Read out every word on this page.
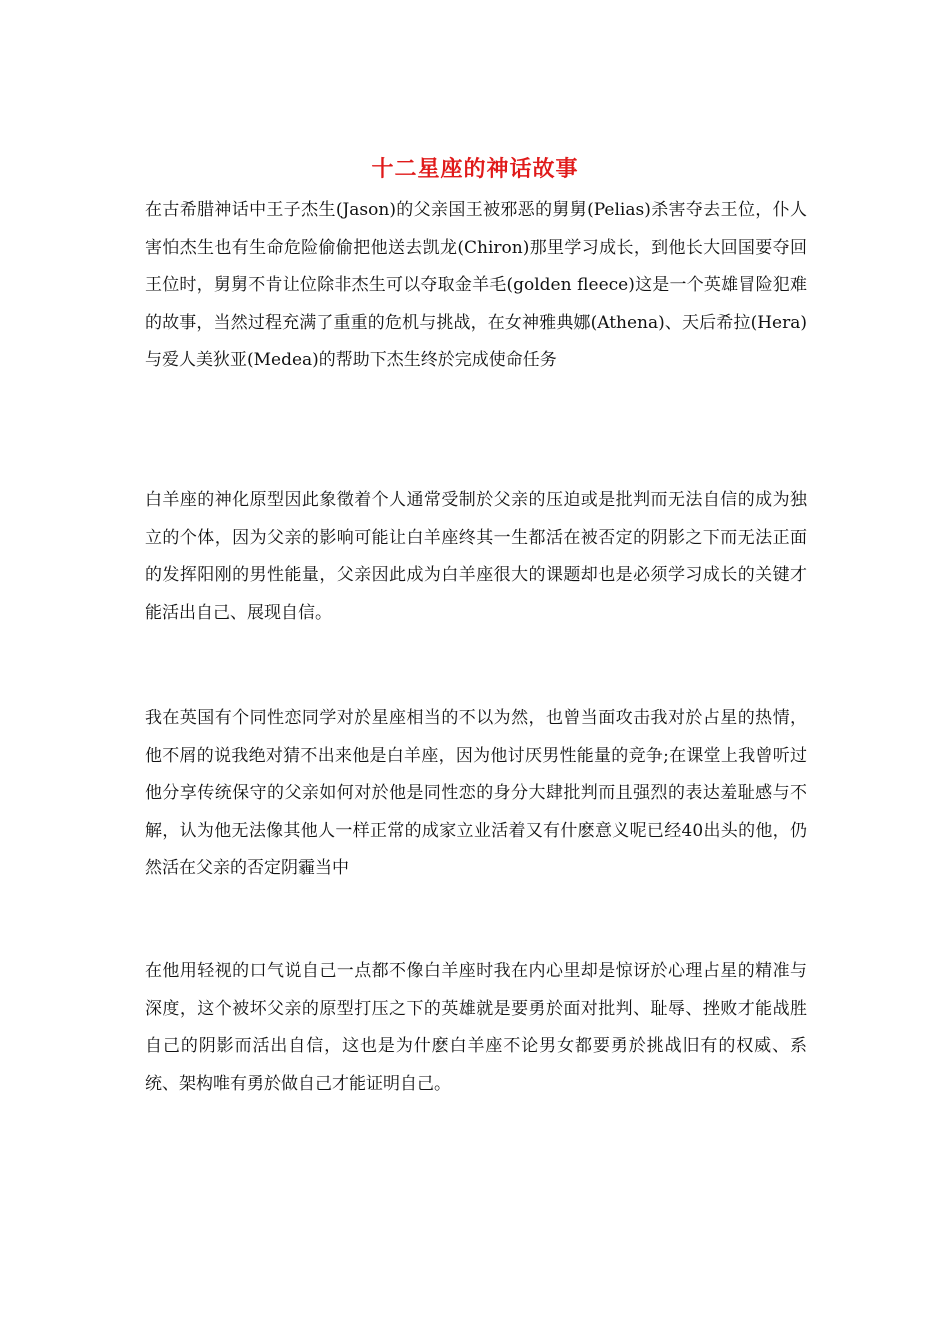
十二星座的神话故事
在古希腊神话中王子杰生(Jason)的父亲国王被邪恶的舅舅(Pelias)杀害夺去王位，仆人害怕杰生也有生命危险偷偷把他送去凯龙(Chiron)那里学习成长，到他长大回国要夺回王位时，舅舅不肯让位除非杰生可以夺取金羊毛(golden fleece)这是一个英雄冒险犯难的故事，当然过程充满了重重的危机与挑战，在女神雅典娜(Athena)、天后希拉(Hera)与爱人美狄亚(Medea)的帮助下杰生终於完成使命任务
白羊座的神化原型因此象徵着个人通常受制於父亲的压迫或是批判而无法自信的成为独立的个体，因为父亲的影响可能让白羊座终其一生都活在被否定的阴影之下而无法正面的发挥阳刚的男性能量，父亲因此成为白羊座很大的课题却也是必须学习成长的关键才能活出自己、展现自信。
我在英国有个同性恋同学对於星座相当的不以为然，也曾当面攻击我对於占星的热情，他不屑的说我绝对猜不出来他是白羊座，因为他讨厌男性能量的竞争;在课堂上我曾听过他分享传统保守的父亲如何对於他是同性恋的身分大肆批判而且强烈的表达羞耻感与不解，认为他无法像其他人一样正常的成家立业活着又有什麽意义呢已经40出头的他，仍然活在父亲的否定阴霾当中
在他用轻视的口气说自己一点都不像白羊座时我在内心里却是惊讶於心理占星的精准与深度，这个被坏父亲的原型打压之下的英雄就是要勇於面对批判、耻辱、挫败才能战胜自己的阴影而活出自信，这也是为什麽白羊座不论男女都要勇於挑战旧有的权威、系统、架构唯有勇於做自己才能证明自己。
